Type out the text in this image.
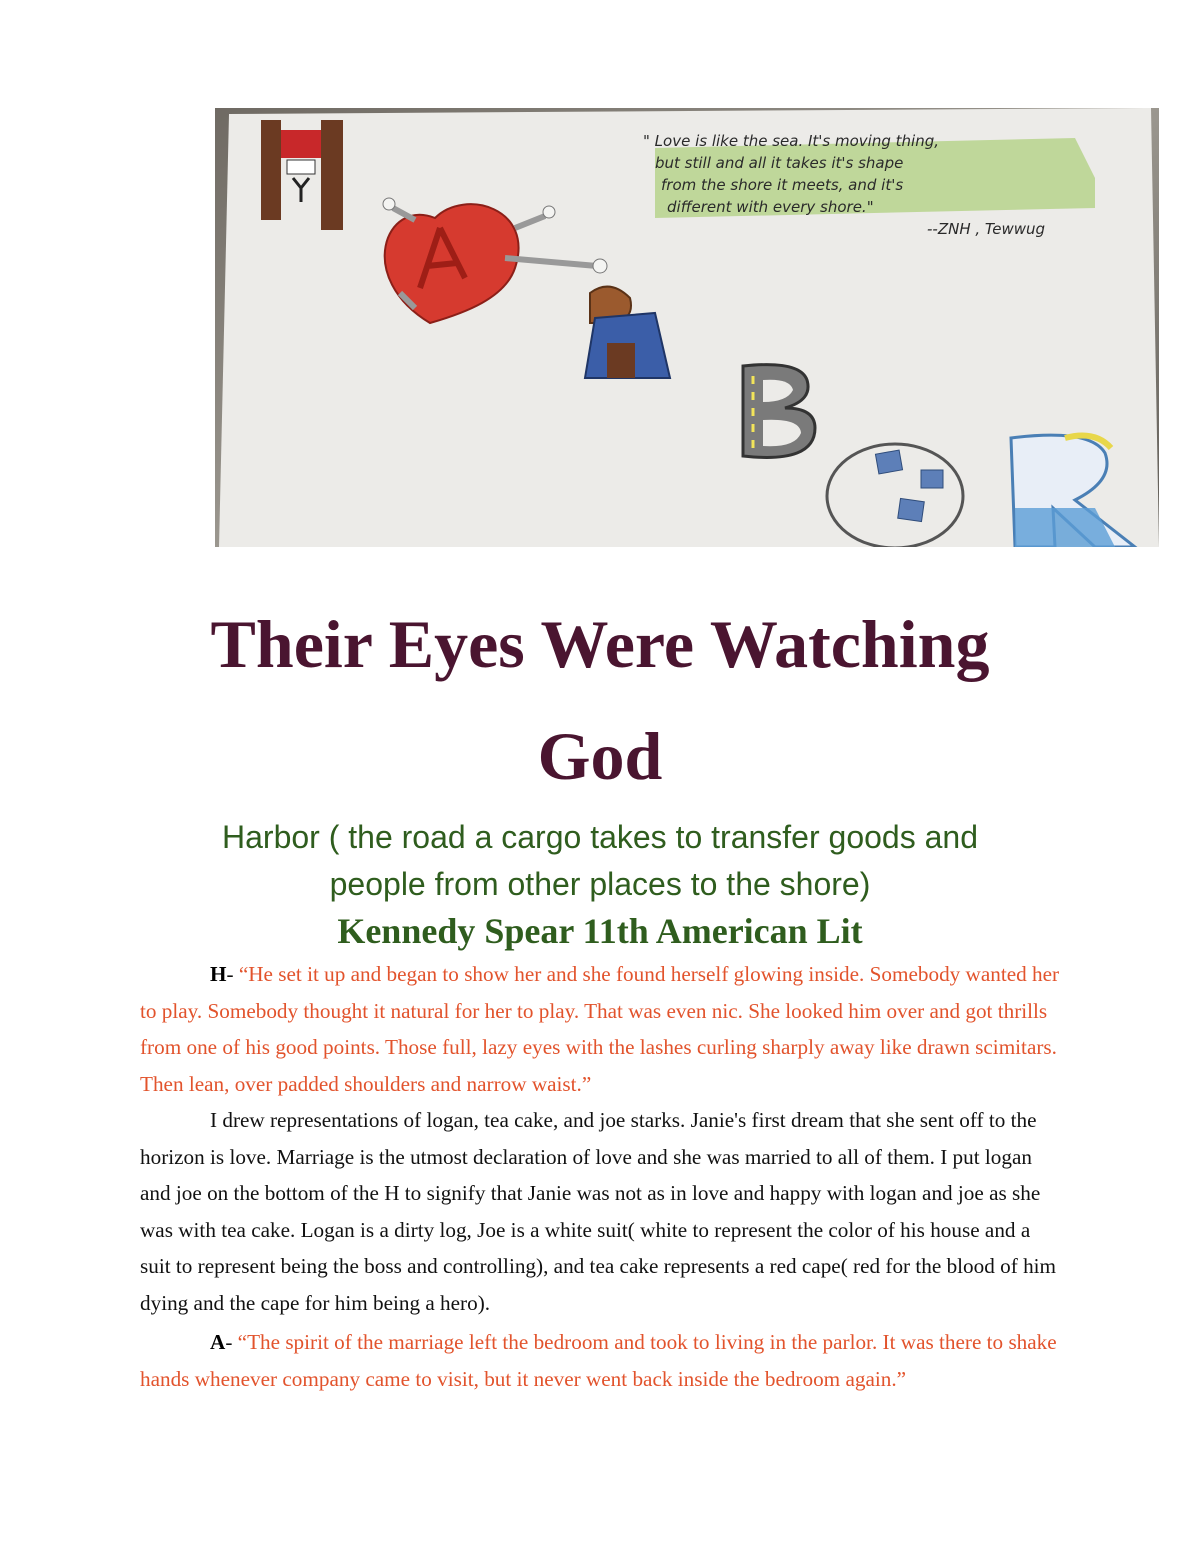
" Love is like the sea. It's moving thing,
but still and all it takes it's shape
from the shore it meets, and it's
different with every shore."
--ZNH , Tewwug
Their Eyes Were Watching
God
Harbor ( the road a cargo takes to transfer goods and
people from other places to the shore)
Kennedy Spear 11th American Lit
H- “He set it up and began to show her and she found herself glowing inside. Somebody wanted her to play. Somebody thought it natural for her to play. That was even nic. She looked him over and got thrills from one of his good points. Those full, lazy eyes with the lashes curling sharply away like drawn scimitars. Then lean, over padded shoulders and narrow waist.”
I drew representations of logan, tea cake, and joe starks. Janie's first dream that she sent off to the horizon is love. Marriage is the utmost declaration of love and she was married to all of them. I put logan and joe on the bottom of the H to signify that Janie was not as in love and happy with logan and joe as she was with tea cake. Logan is a dirty log, Joe is a white suit( white to represent the color of his house and a suit to represent being the boss and controlling), and tea cake represents a red cape( red for the blood of him dying and the cape for him being a hero).
A- “The spirit of the marriage left the bedroom and took to living in the parlor. It was there to shake hands whenever company came to visit, but it never went back inside the bedroom again.”
